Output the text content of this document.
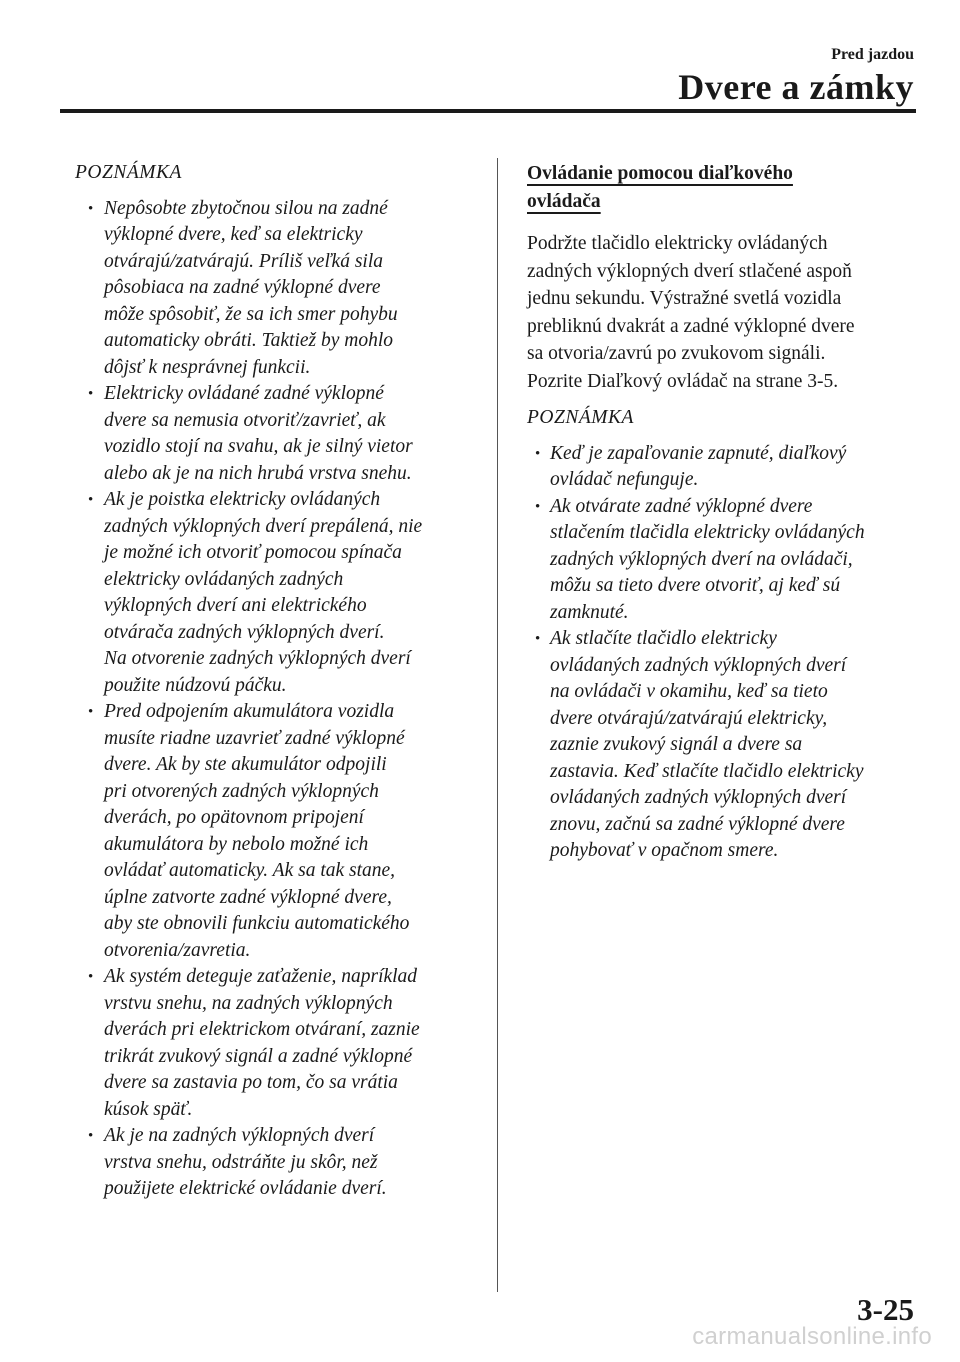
Pred jazdou
Dvere a zámky
POZNÁMKA
• Nepôsobte zbytočnou silou na zadné
výklopné dvere, keď sa elektricky
otvárajú/zatvárajú. Príliš veľká sila
pôsobiaca na zadné výklopné dvere
môže spôsobiť, že sa ich smer pohybu
automaticky obráti. Taktiež by mohlo
dôjsť k nesprávnej funkcii.
• Elektricky ovládané zadné výklopné
dvere sa nemusia otvoriť/zavrieť, ak
vozidlo stojí na svahu, ak je silný vietor
alebo ak je na nich hrubá vrstva snehu.
• Ak je poistka elektricky ovládaných
zadných výklopných dverí prepálená, nie
je možné ich otvoriť pomocou spínača
elektricky ovládaných zadných
výklopných dverí ani elektrického
otvárača zadných výklopných dverí.
Na otvorenie zadných výklopných dverí
použite núdzovú páčku.
• Pred odpojením akumulátora vozidla
musíte riadne uzavrieť zadné výklopné
dvere. Ak by ste akumulátor odpojili
pri otvorených zadných výklopných
dverách, po opätovnom pripojení
akumulátora by nebolo možné ich
ovládať automaticky. Ak sa tak stane,
úplne zatvorte zadné výklopné dvere,
aby ste obnovili funkciu automatického
otvorenia/zavretia.
• Ak systém deteguje zaťaženie, napríklad
vrstvu snehu, na zadných výklopných
dverách pri elektrickom otváraní, zaznie
trikrát zvukový signál a zadné výklopné
dvere sa zastavia po tom, čo sa vrátia
kúsok späť.
• Ak je na zadných výklopných dverí
vrstva snehu, odstráňte ju skôr, než
použijete elektrické ovládanie dverí.
Ovládanie pomocou diaľkového
ovládača

Podržte tlačidlo elektricky ovládaných
zadných výklopných dverí stlačené aspoň
jednu sekundu. Výstražné svetlá vozidla
prebliknú dvakrát a zadné výklopné dvere
sa otvoria/zavrú po zvukovom signáli.
Pozrite Diaľkový ovládač na strane 3-5.

POZNÁMKA
• Keď je zapaľovanie zapnuté, diaľkový
ovládač nefunguje.
• Ak otvárate zadné výklopné dvere
stlačením tlačidla elektricky ovládaných
zadných výklopných dverí na ovládači,
môžu sa tieto dvere otvoriť, aj keď sú
zamknuté.
• Ak stlačíte tlačidlo elektricky
ovládaných zadných výklopných dverí
na ovládači v okamihu, keď sa tieto
dvere otvárajú/zatvárajú elektricky,
zaznie zvukový signál a dvere sa
zastavia. Keď stlačíte tlačidlo elektricky
ovládaných zadných výklopných dverí
znovu, začnú sa zadné výklopné dvere
pohybovať v opačnom smere.
3-25
carmanualsonline.info
